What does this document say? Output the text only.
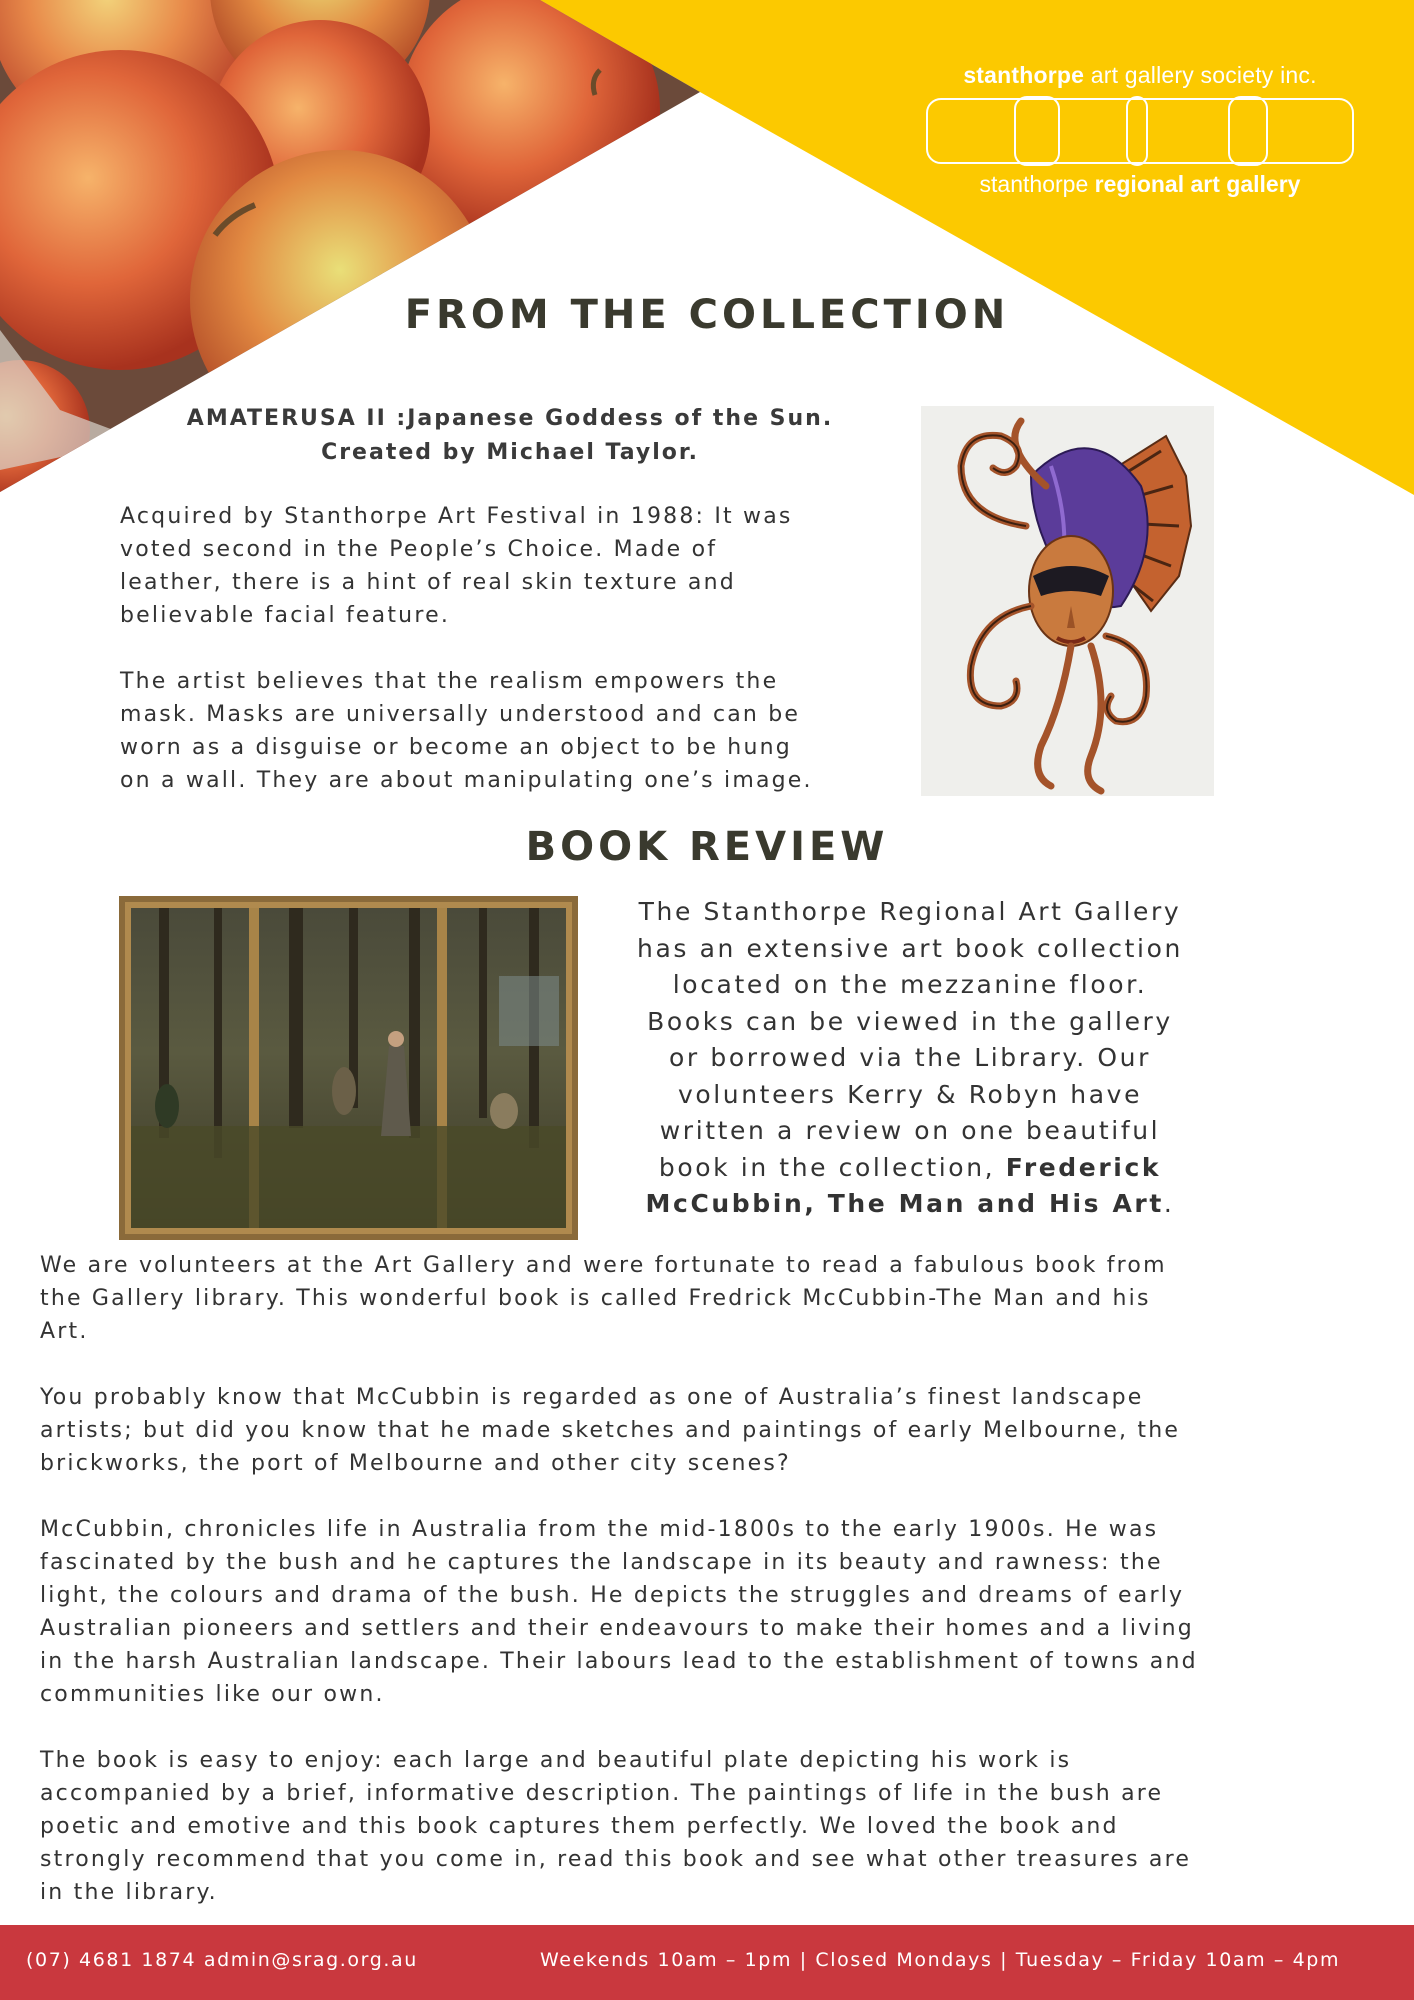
stanthorpe art gallery society inc.
stanthorpe regional art gallery
FROM THE COLLECTION

AMATERUSA II :Japanese Goddess of the Sun.
Created by Michael Taylor.

Acquired by Stanthorpe Art Festival in 1988: It was
voted second in the People’s Choice. Made of
leather, there is a hint of real skin texture and
believable facial feature.

The artist believes that the realism empowers the
mask. Masks are universally understood and can be
worn as a disguise or become an object to be hung
on a wall. They are about manipulating one’s image.

BOOK REVIEW

The Stanthorpe Regional Art Gallery
has an extensive art book collection
located on the mezzanine floor.
Books can be viewed in the gallery
or borrowed via the Library. Our
volunteers Kerry & Robyn have
written a review on one beautiful
book in the collection, Frederick
McCubbin, The Man and His Art.

We are volunteers at the Art Gallery and were fortunate to read a fabulous book from
the Gallery library. This wonderful book is called Fredrick McCubbin-The Man and his
Art.

You probably know that McCubbin is regarded as one of Australia’s finest landscape
artists; but did you know that he made sketches and paintings of early Melbourne, the
brickworks, the port of Melbourne and other city scenes?

McCubbin, chronicles life in Australia from the mid-1800s to the early 1900s. He was
fascinated by the bush and he captures the landscape in its beauty and rawness: the
light, the colours and drama of the bush. He depicts the struggles and dreams of early
Australian pioneers and settlers and their endeavours to make their homes and a living
in the harsh Australian landscape. Their labours lead to the establishment of towns and
communities like our own.

The book is easy to enjoy: each large and beautiful plate depicting his work is
accompanied by a brief, informative description. The paintings of life in the bush are
poetic and emotive and this book captures them perfectly. We loved the book and
strongly recommend that you come in, read this book and see what other treasures are
in the library.

(07) 4681 1874 admin@srag.org.au	Weekends 10am – 1pm | Closed Mondays | Tuesday – Friday 10am – 4pm
